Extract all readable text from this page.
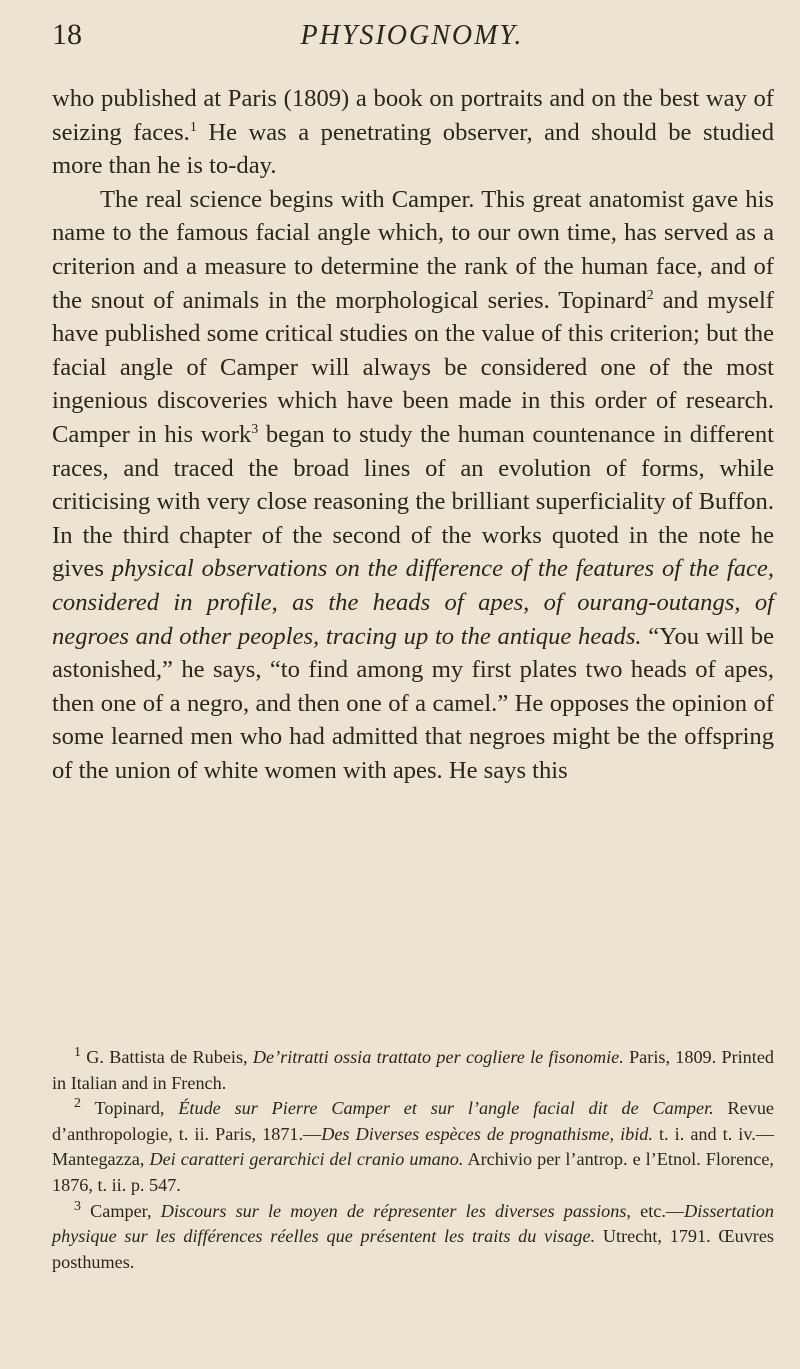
18	PHYSIOGNOMY.

who published at Paris (1809) a book on portraits and on the best way of seizing faces.$^1$ He was a penetrating observer, and should be studied more than he is to-day.

The real science begins with Camper. This great anatomist gave his name to the famous facial angle which, to our own time, has served as a criterion and a measure to determine the rank of the human face, and of the snout of animals in the morphological series. Topinard$^2$ and myself have published some critical studies on the value of this criterion; but the facial angle of Camper will always be considered one of the most ingenious discoveries which have been made in this order of research. Camper in his work$^3$ began to study the human countenance in different races, and traced the broad lines of an evolution of forms, while criticising with very close reasoning the brilliant superficiality of Buffon. In the third chapter of the second of the works quoted in the note he gives physical observations on the difference of the features of the face, considered in profile, as the heads of apes, of ourang-outangs, of negroes and other peoples, tracing up to the antique heads. “You will be astonished,” he says, “to find among my first plates two heads of apes, then one of a negro, and then one of a camel.” He opposes the opinion of some learned men who had admitted that negroes might be the offspring of the union of white women with apes. He says this

$^1$ G. Battista de Rubeis, De’ritratti ossia trattato per cogliere le fisonomie. Paris, 1809. Printed in Italian and in French.

$^2$ Topinard, Étude sur Pierre Camper et sur l’angle facial dit de Camper. Revue d’anthropologie, t. ii. Paris, 1871.—Des Diverses espèces de prognathisme, ibid. t. i. and t. iv.—Mantegazza, Dei caratteri gerarchici del cranio umano. Archivio per l’antrop. e l’Etnol. Florence, 1876, t. ii. p. 547.

$^3$ Camper, Discours sur le moyen de répresenter les diverses passions, etc.—Dissertation physique sur les différences réelles que présentent les traits du visage. Utrecht, 1791. Œuvres posthumes.
